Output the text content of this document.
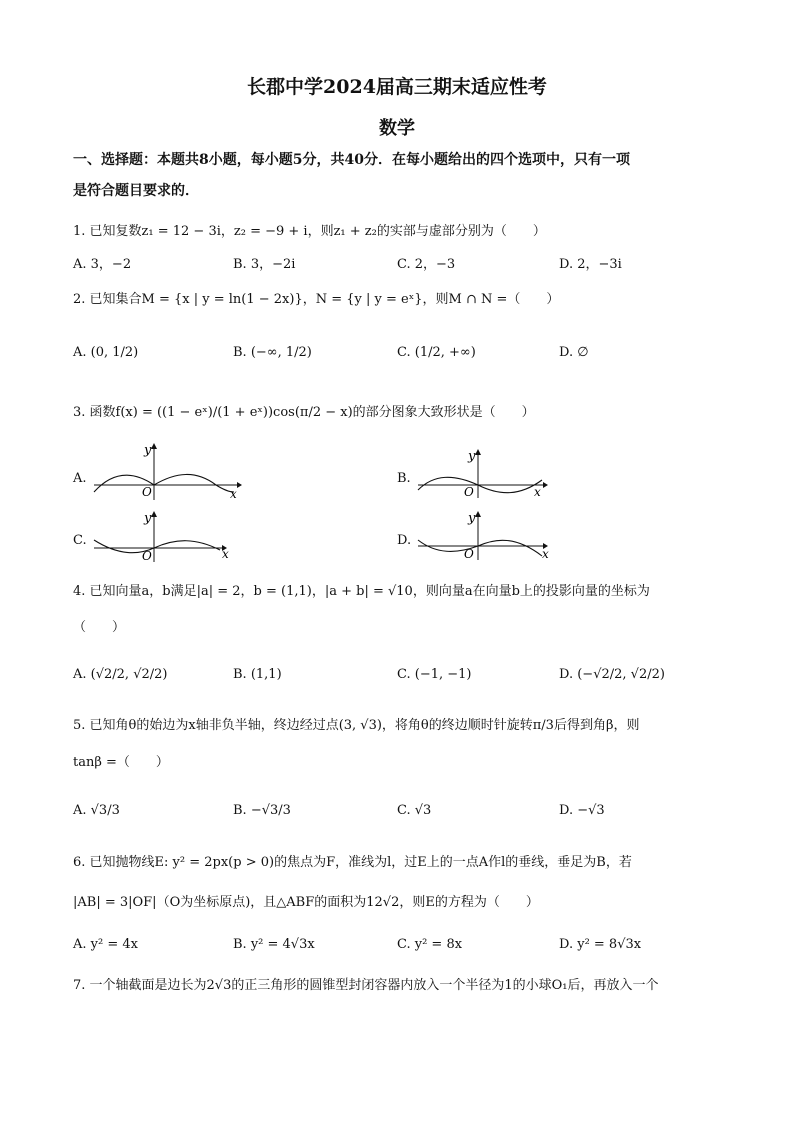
长郡中学2024届高三期末适应性考
数学
一、选择题：本题共8小题，每小题5分，共40分．在每小题给出的四个选项中，只有一项
是符合题目要求的．
1. 已知复数z₁ = 12 − 3i，z₂ = −9 + i，则z₁ + z₂的实部与虚部分别为（　　）
A. 3，−2	B. 3，−2i	C. 2，−3	D. 2，−3i
2. 已知集合M = {x | y = ln(1 − 2x)}，N = {y | y = eˣ}，则M ∩ N =（　　）
A. (0, 1/2)	B. (−∞, 1/2)	C. (1/2, +∞)	D. ∅
3. 函数f(x) = ((1 − eˣ)/(1 + eˣ))cos(π/2 − x)的部分图象大致形状是（　　）
A.	B.
C.	D.
y
x
O
y
x
O
y
x
O
y
x
O
4. 已知向量a，b满足|a| = 2，b = (1,1)，|a + b| = √10，则向量a在向量b上的投影向量的坐标为
（　　）
A. (√2/2, √2/2)	B. (1,1)	C. (−1, −1)	D. (−√2/2, √2/2)
5. 已知角θ的始边为x轴非负半轴，终边经过点(3, √3)，将角θ的终边顺时针旋转π/3后得到角β，则
tanβ =（　　）
A. √3/3	B. −√3/3	C. √3	D. −√3
6. 已知抛物线E: y² = 2px(p > 0)的焦点为F，准线为l，过E上的一点A作l的垂线，垂足为B，若
|AB| = 3|OF|（O为坐标原点)，且△ABF的面积为12√2，则E的方程为（　　）
A. y² = 4x	B. y² = 4√3x	C. y² = 8x	D. y² = 8√3x
7. 一个轴截面是边长为2√3的正三角形的圆锥型封闭容器内放入一个半径为1的小球O₁后，再放入一个
